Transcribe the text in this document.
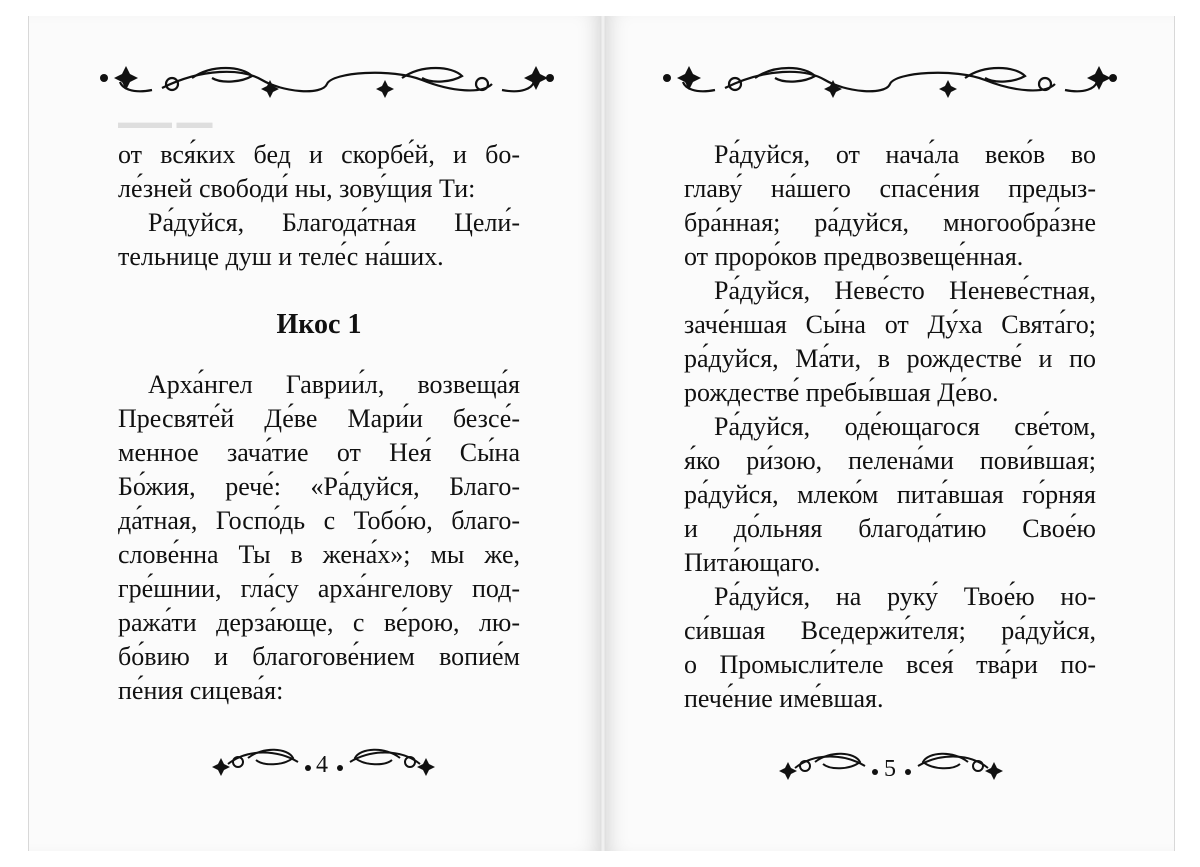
▬▬ ▬▬▬

от вся́ких бед и скорбе́й, и бо-

ле́зней свободи́ ны, зову́щия Ти:

Ра́дуйся, Благода́тная Цели́-

тельнице душ и теле́с на́ших.

Икос 1

Арха́нгел Гаврии́л, возвеща́я

Пресвяте́й Де́ве Мари́и безсе́-

менное зача́тие от Нея́ Сы́на

Бо́жия, рече́: «Ра́дуйся, Благо-

да́тная, Госпо́дь с Тобо́ю, благо-

слове́нна Ты в жена́х»; мы же,

гре́шнии, гла́су арха́нгелову под-

ража́ти дерза́юще, с ве́рою, лю-

бо́вию и благогове́нием вопие́м

пе́ния сицева́я:

Ра́дуйся, от нача́ла веко́в во

главу́ на́шего спасе́ния предыз-

бра́нная; ра́дуйся, многообра́зне

от проро́ков предвозвеще́нная.

Ра́дуйся, Неве́сто Неневе́стная,

заче́ншая Сы́на от Ду́ха Свята́го;

ра́дуйся, Ма́ти, в рождестве́ и по

рождестве́ пребы́вшая Де́во.

Ра́дуйся, оде́ющагося све́том,

я́ко ри́зою, пелена́ми пови́вшая;

ра́дуйся, млеко́м пита́вшая го́рняя

и до́льняя благода́тию Свое́ю

Пита́ющаго.

Ра́дуйся, на руку́ Твое́ю но-

си́вшая Вседержи́теля; ра́дуйся,

о Промысли́теле всея́ тва́ри по-

пече́ние име́вшая.

4	5
